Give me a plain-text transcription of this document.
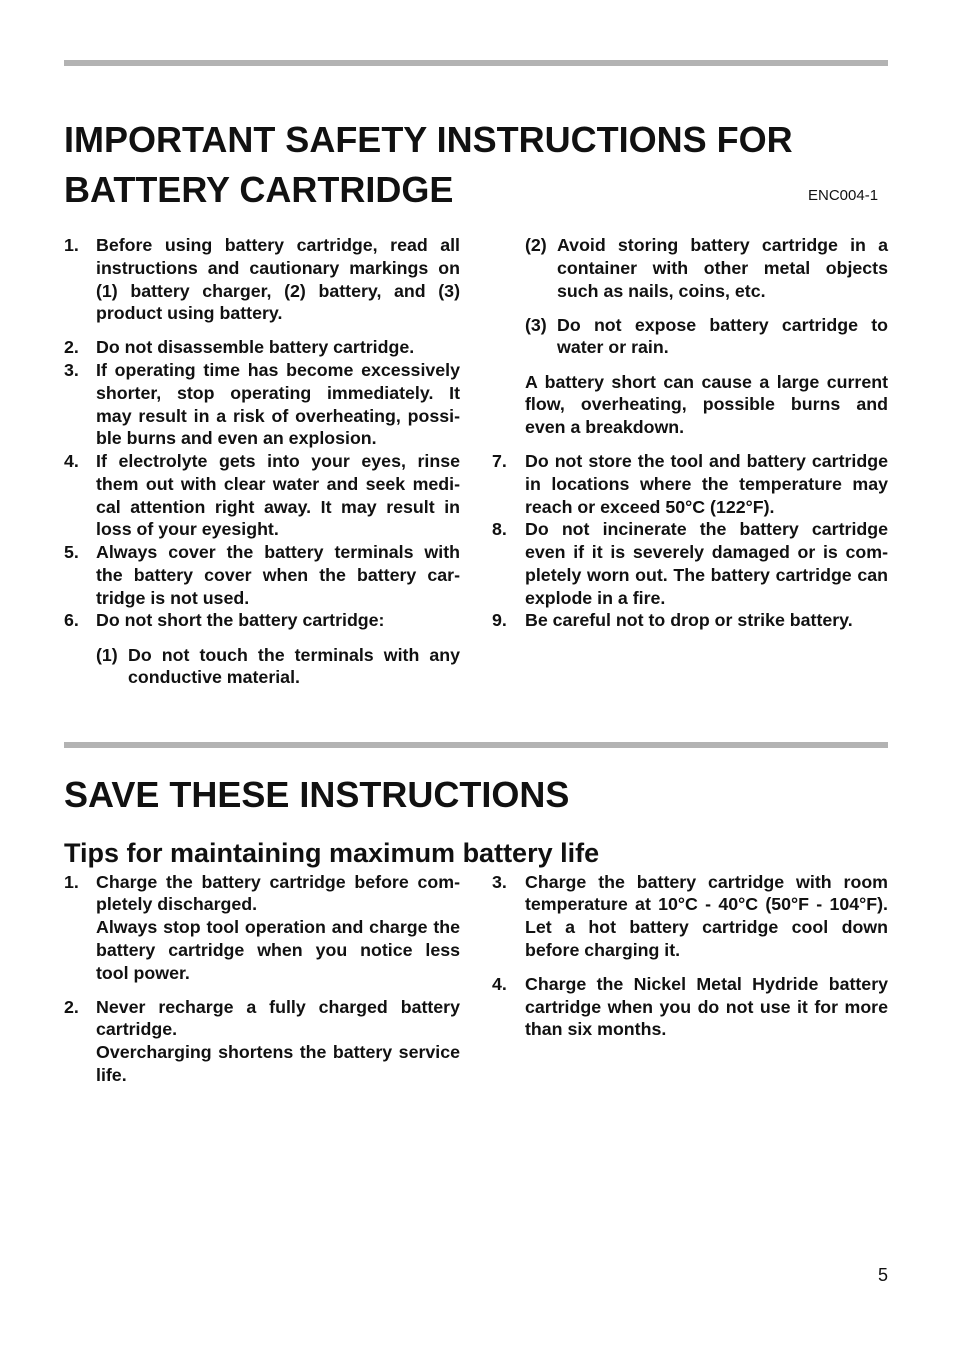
IMPORTANT SAFETY INSTRUCTIONS FOR
BATTERY CARTRIDGE	ENC004-1
1. Before using battery cartridge, read all
instructions and cautionary markings on
(1) battery charger, (2) battery, and (3)
product using battery.
2. Do not disassemble battery cartridge.
3. If operating time has become excessively
shorter, stop operating immediately. It
may result in a risk of overheating, possi-
ble burns and even an explosion.
4. If electrolyte gets into your eyes, rinse
them out with clear water and seek medi-
cal attention right away. It may result in
loss of your eyesight.
5. Always cover the battery terminals with
the battery cover when the battery car-
tridge is not used.
6. Do not short the battery cartridge:
(1) Do not touch the terminals with any
conductive material.
(2) Avoid storing battery cartridge in a
container with other metal objects
such as nails, coins, etc.
(3) Do not expose battery cartridge to
water or rain.
A battery short can cause a large current
flow, overheating, possible burns and
even a breakdown.
7. Do not store the tool and battery cartridge
in locations where the temperature may
reach or exceed 50°C (122°F).
8. Do not incinerate the battery cartridge
even if it is severely damaged or is com-
pletely worn out. The battery cartridge can
explode in a fire.
9. Be careful not to drop or strike battery.
SAVE THESE INSTRUCTIONS
Tips for maintaining maximum battery life
1. Charge the battery cartridge before com-
pletely discharged.
Always stop tool operation and charge the
battery cartridge when you notice less
tool power.
2. Never recharge a fully charged battery
cartridge.
Overcharging shortens the battery service
life.
3. Charge the battery cartridge with room
temperature at 10°C - 40°C (50°F - 104°F).
Let a hot battery cartridge cool down
before charging it.
4. Charge the Nickel Metal Hydride battery
cartridge when you do not use it for more
than six months.
5
